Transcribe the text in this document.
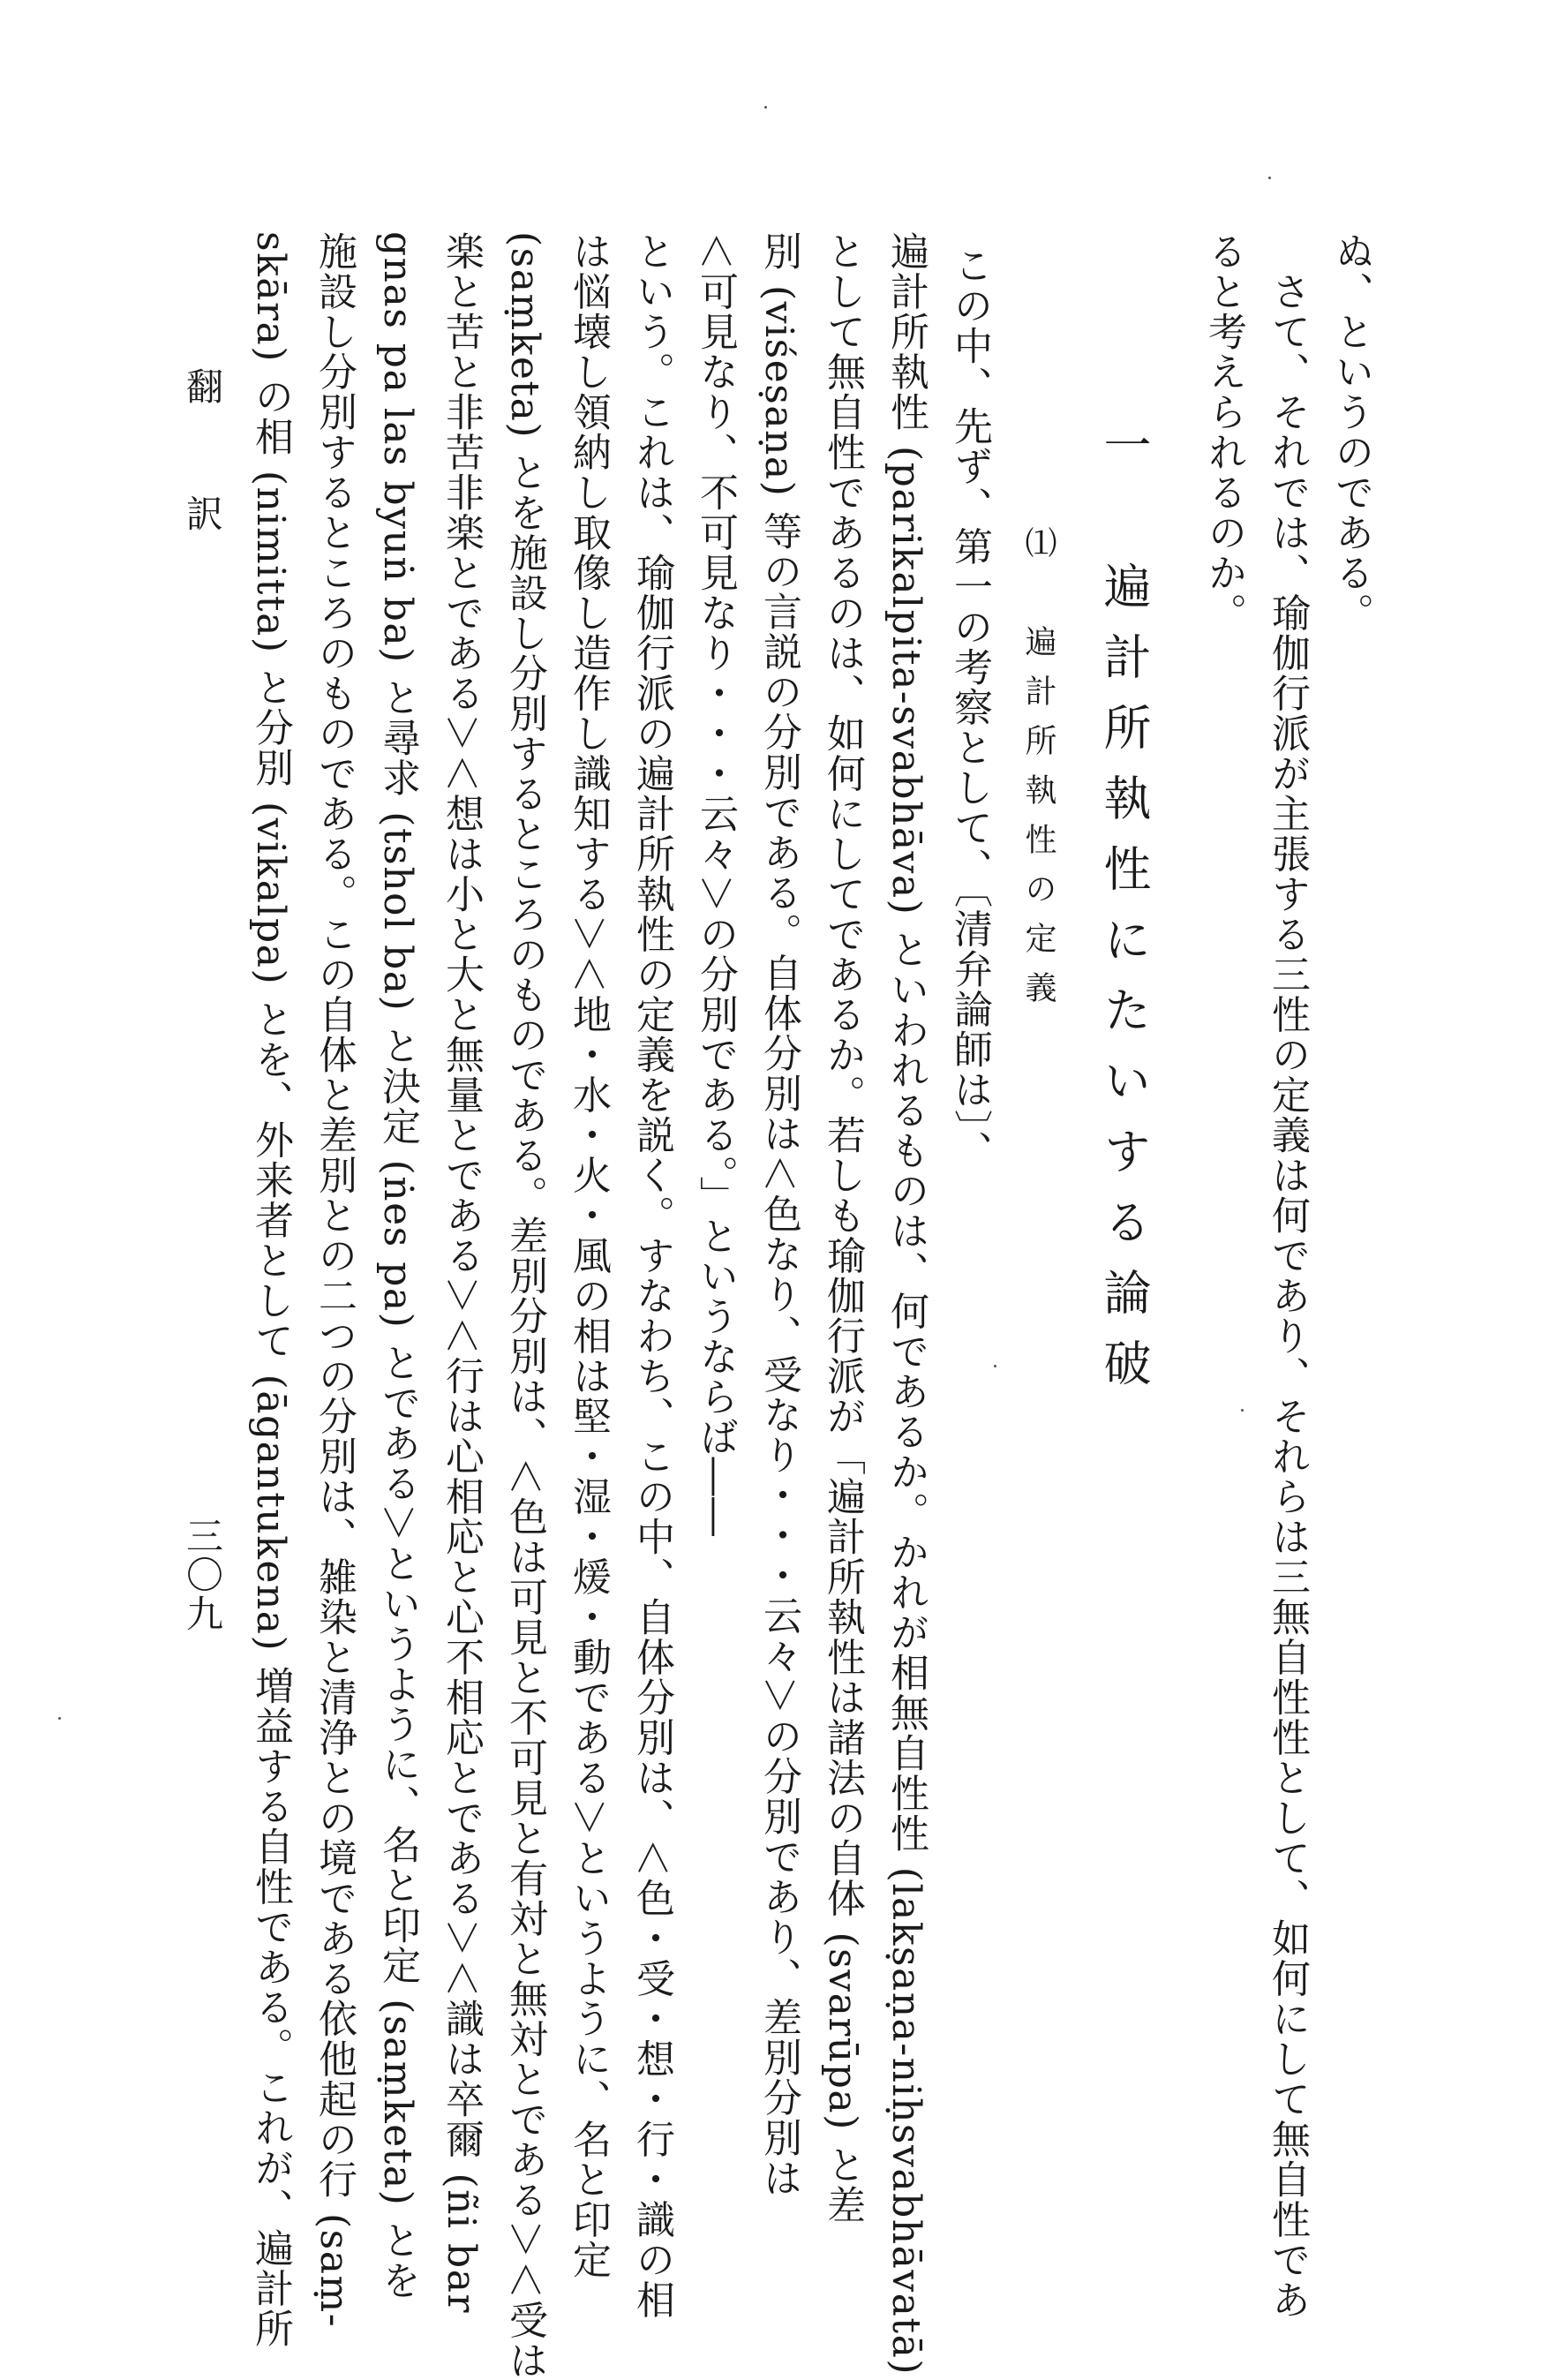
ぬ、というのである。
　さて、それでは、瑜伽行派が主張する三性の定義は何であり、それらは三無自性性として、如何にして無自性であ
ると考えられるのか。
一　遍計所執性にたいする論破
⑴　遍計所執性の定義
この中、先ず、第一の考察として、〔清弁論師は〕、
遍計所執性 (parikalpita-svabhāva) といわれるものは、何であるか。かれが相無自性性 (lakṣaṇa-niḥsvabhāvatā)
として無自性であるのは、如何にしてであるか。若しも瑜伽行派が「遍計所執性は諸法の自体 (svarūpa) と差
別 (viśeṣaṇa) 等の言説の分別である。自体分別は＜色なり、受なり・・・云々＞の分別であり、差別分別は
＜可見なり、不可見なり・・・云々＞の分別である。」というならば――
という。これは、瑜伽行派の遍計所執性の定義を説く。すなわち、この中、自体分別は、＜色・受・想・行・識の相
は悩壊し領納し取像し造作し識知する＞＜地・水・火・風の相は堅・湿・煖・動である＞というように、名と印定
(saṃketa) とを施設し分別するところのものである。差別分別は、＜色は可見と不可見と有対と無対とである＞＜受は
楽と苦と非苦非楽とである＞＜想は小と大と無量とである＞＜行は心相応と心不相応とである＞＜識は卒爾 (ñi bar
gnas pa las byuṅ ba) と尋求 (tshol ba) と決定 (ṅes pa) とである＞というように、名と印定 (saṃketa) とを
施設し分別するところのものである。この自体と差別との二つの分別は、雑染と清浄との境である依他起の行 (saṃ-
skāra) の相 (nimitta) と分別 (vikalpa) とを、外来者として (āgantukena) 増益する自性である。これが、遍計所
三〇九
翻　訳
